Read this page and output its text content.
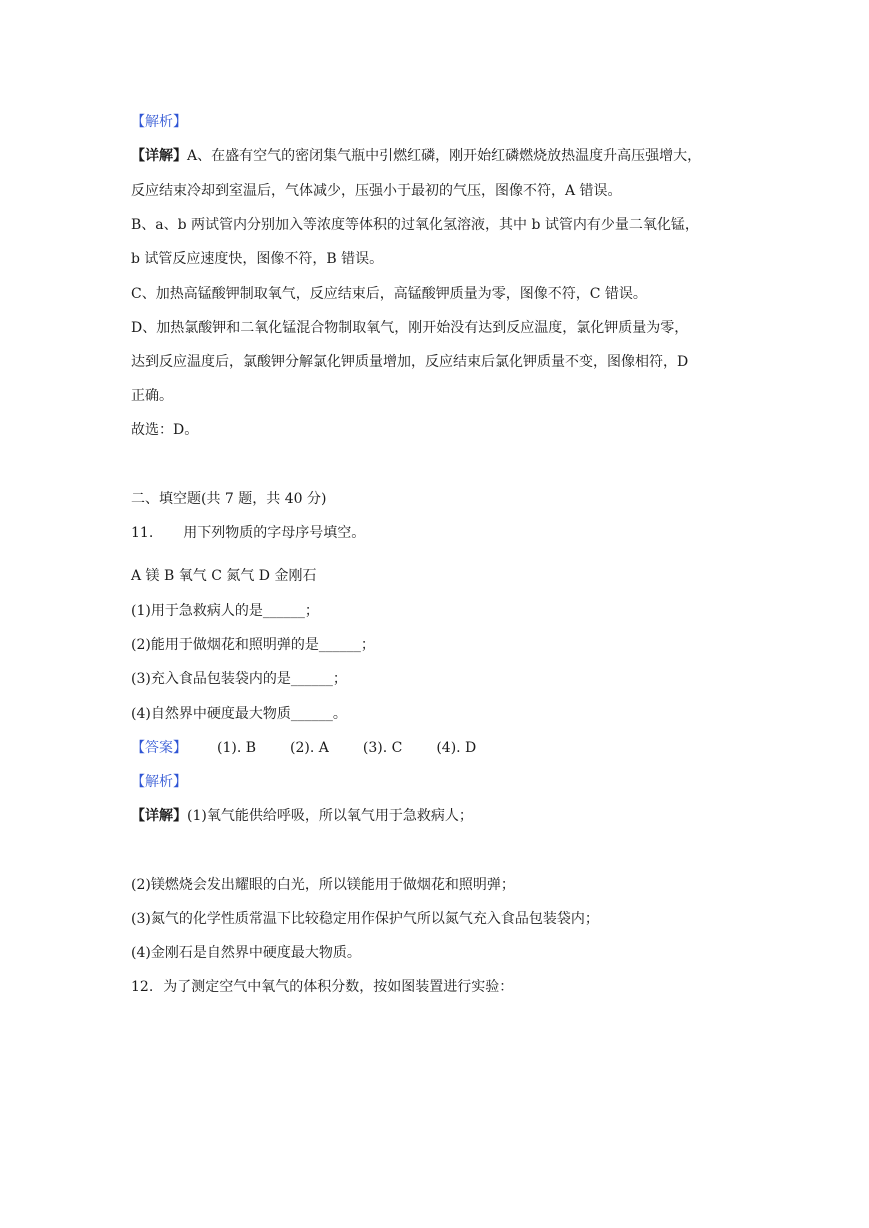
【解析】
【详解】A、在盛有空气的密闭集气瓶中引燃红磷，刚开始红磷燃烧放热温度升高压强增大，
反应结束冷却到室温后，气体减少，压强小于最初的气压，图像不符，A 错误。
B、a、b 两试管内分别加入等浓度等体积的过氧化氢溶液，其中 b 试管内有少量二氧化锰，
b 试管反应速度快，图像不符，B 错误。
C、加热高锰酸钾制取氧气，反应结束后，高锰酸钾质量为零，图像不符，C 错误。
D、加热氯酸钾和二氧化锰混合物制取氧气，刚开始没有达到反应温度，氯化钾质量为零，
达到反应温度后，氯酸钾分解氯化钾质量增加，反应结束后氯化钾质量不变，图像相符，D
正确。
故选：D。
二、填空题(共 7 题，共 40 分)
11. 用下列物质的字母序号填空。
A 镁 B 氧气 C 氮气 D 金刚石
(1)用于急救病人的是______；
(2)能用于做烟花和照明弹的是______；
(3)充入食品包装袋内的是______；
(4)自然界中硬度最大物质______。
【答案】 (1). B (2). A (3). C (4). D
【解析】
【详解】(1)氧气能供给呼吸，所以氧气用于急救病人；
(2)镁燃烧会发出耀眼的白光，所以镁能用于做烟花和照明弹；
(3)氮气的化学性质常温下比较稳定用作保护气所以氮气充入食品包装袋内；
(4)金刚石是自然界中硬度最大物质。
12. 为了测定空气中氧气的体积分数，按如图装置进行实验：
